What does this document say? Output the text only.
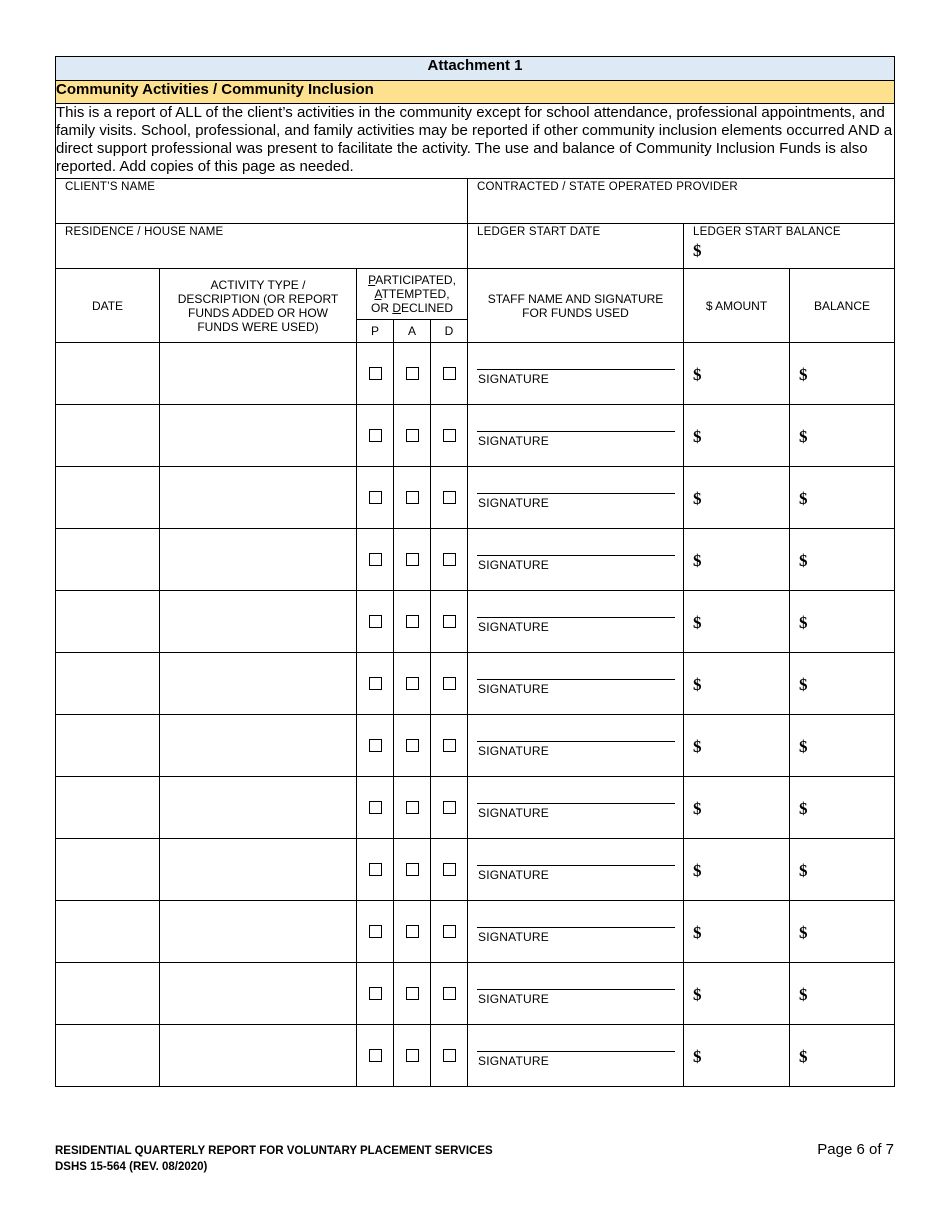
Attachment 1							
Community Activities / Community Inclusion							
This is a report of ALL of the client’s activities in the community except for school attendance, professional appointments, and family visits. School, professional, and family activities may be reported if other community inclusion elements occurred AND a direct support professional was present to facilitate the activity. The use and balance of Community Inclusion Funds is also reported. Add copies of this page as needed.							

CLIENT’S NAME					CONTRACTED / STATE OPERATED PROVIDER		

RESIDENCE / HOUSE NAME					LEDGER START DATE	LEDGER START BALANCE
$	

DATE	ACTIVITY TYPE / DESCRIPTION (OR REPORT FUNDS ADDED OR HOW FUNDS WERE USED)	PARTICIPATED,
ATTEMPTED,
OR DECLINED			STAFF NAME AND SIGNATURE FOR FUNDS USED	$ AMOUNT	BALANCE
		P	A	D			

					SIGNATURE	$	$

					SIGNATURE	$	$

					SIGNATURE	$	$

					SIGNATURE	$	$

					SIGNATURE	$	$

					SIGNATURE	$	$

					SIGNATURE	$	$

					SIGNATURE	$	$

					SIGNATURE	$	$

					SIGNATURE	$	$

					SIGNATURE	$	$

					SIGNATURE	$	$
RESIDENTIAL QUARTERLY REPORT FOR VOLUNTARY PLACEMENT SERVICES
DSHS 15-564 (REV. 08/2020)
Page 6 of 7
